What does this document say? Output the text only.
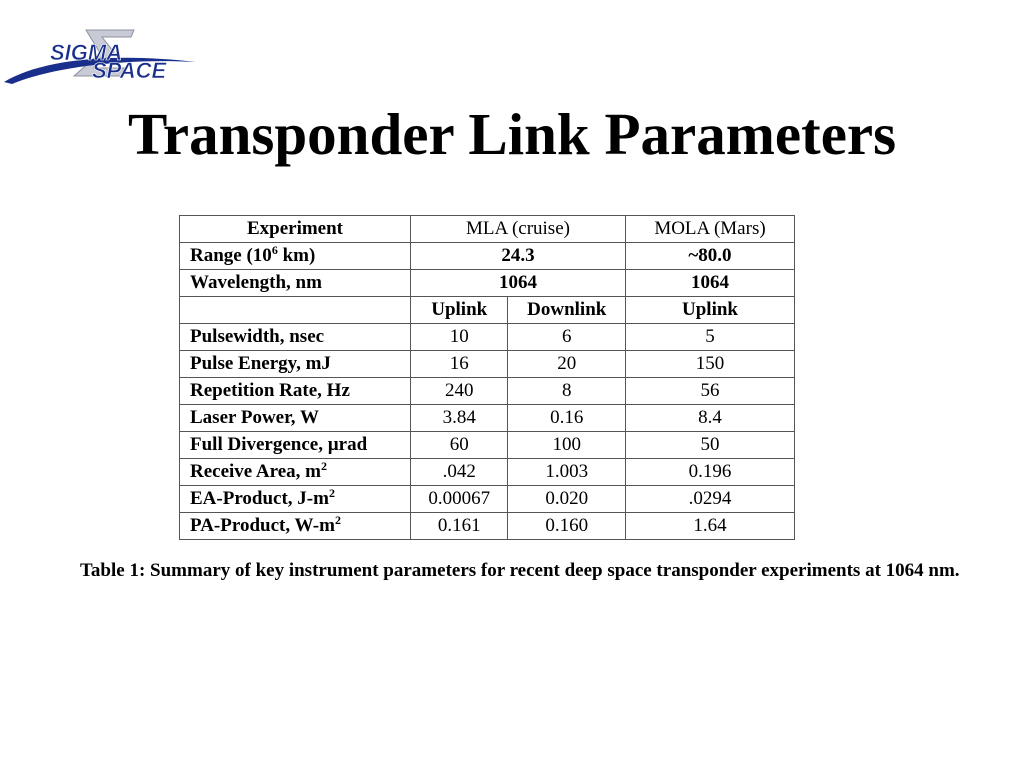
SIGMA
SPACE
Transponder Link Parameters
Experiment	MLA (cruise)		MOLA (Mars)
Range ($10^6$ km)	24.3		~80.0
Wavelength, nm	1064		1064
	Uplink	Downlink	Uplink
Pulsewidth, nsec	10	6	5
Pulse Energy, mJ	16	20	150
Repetition Rate, Hz	240	8	56
Laser Power, W	3.84	0.16	8.4
Full Divergence, µrad	60	100	50
Receive Area, $m^2$	.042	1.003	0.196
EA-Product, $J-m^2$	0.00067	0.020	.0294
PA-Product, $W-m^2$	0.161	0.160	1.64

Table 1: Summary of key instrument parameters for recent deep space transponder experiments at 1064 nm.
